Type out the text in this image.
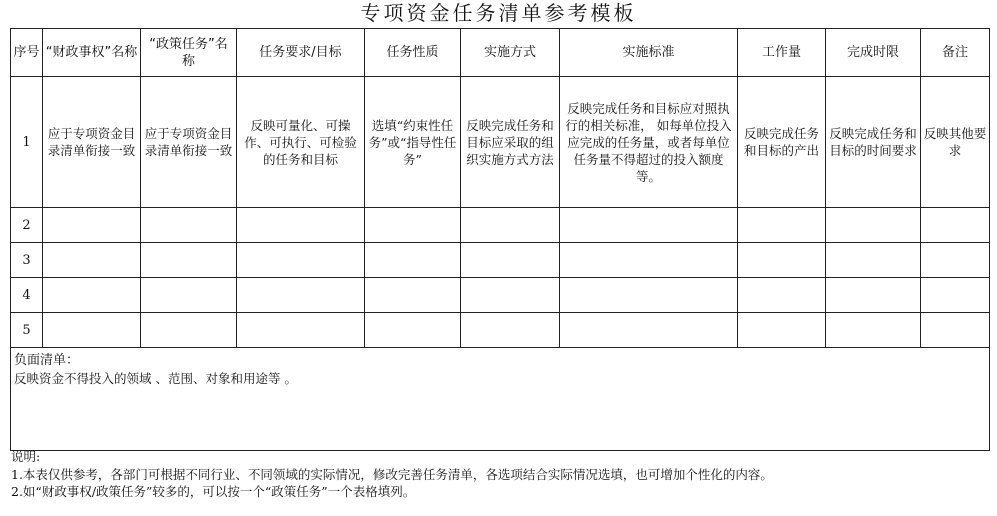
专项资金任务清单参考模板
序号	“财政事权”名称	“政策任务”名称	任务要求/目标	任务性质	实施方式	实施标准	工作量	完成时限	备注
1	应于专项资金目录清单衔接一致	应于专项资金目录清单衔接一致	反映可量化、可操作、可执行、可检验的任务和目标	选填“约束性任务”或“指导性任务”	反映完成任务和目标应采取的组织实施方式方法	反映完成任务和目标应对照执行的相关标准， 如每单位投入应完成的任务量，或者每单位任务量不得超过的投入额度等。	反映完成任务和目标的产出	反映完成任务和目标的时间要求	反映其他要求
2									
3									
4									
5									

负面清单：
反映资金不得投入的领域 、范围、对象和用途等 。									
说明:
1.本表仅供参考，各部门可根据不同行业、不同领域的实际情况，修改完善任务清单，各选项结合实际情况选填，也可增加个性化的内容。
2.如“财政事权/政策任务”较多的，可以按一个“政策任务”一个表格填列。
